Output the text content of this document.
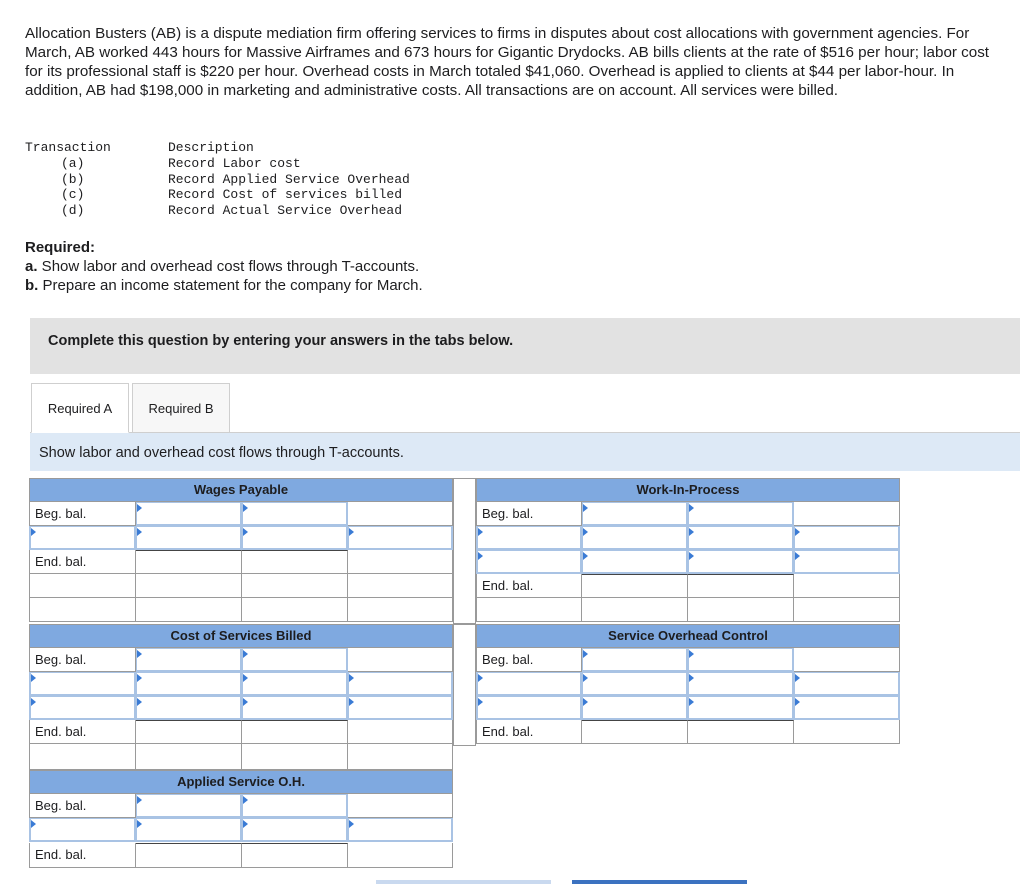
Allocation Busters (AB) is a dispute mediation firm offering services to firms in disputes about cost allocations with government agencies. For March, AB worked 443 hours for Massive Airframes and 673 hours for Gigantic Drydocks. AB bills clients at the rate of $516 per hour; labor cost for its professional staff is $220 per hour. Overhead costs in March totaled $41,060. Overhead is applied to clients at $44 per labor-hour. In addition, AB had $198,000 in marketing and administrative costs. All transactions are on account. All services were billed.

Transaction	Description
(a)	Record Labor cost
(b)	Record Applied Service Overhead
(c)	Record Cost of services billed
(d)	Record Actual Service Overhead
Required:
a. Show labor and overhead cost flows through T-accounts.
b. Prepare an income statement for the company for March.
Complete this question by entering your answers in the tabs below.
Required A	Required B
Show labor and overhead cost flows through T-accounts.
Wages Payable
Beg. bal.
End. bal.
Work-In-Process
Beg. bal.
End. bal.
Cost of Services Billed
Beg. bal.
End. bal.
Service Overhead Control
Beg. bal.
End. bal.
Applied Service O.H.
Beg. bal.
End. bal.
